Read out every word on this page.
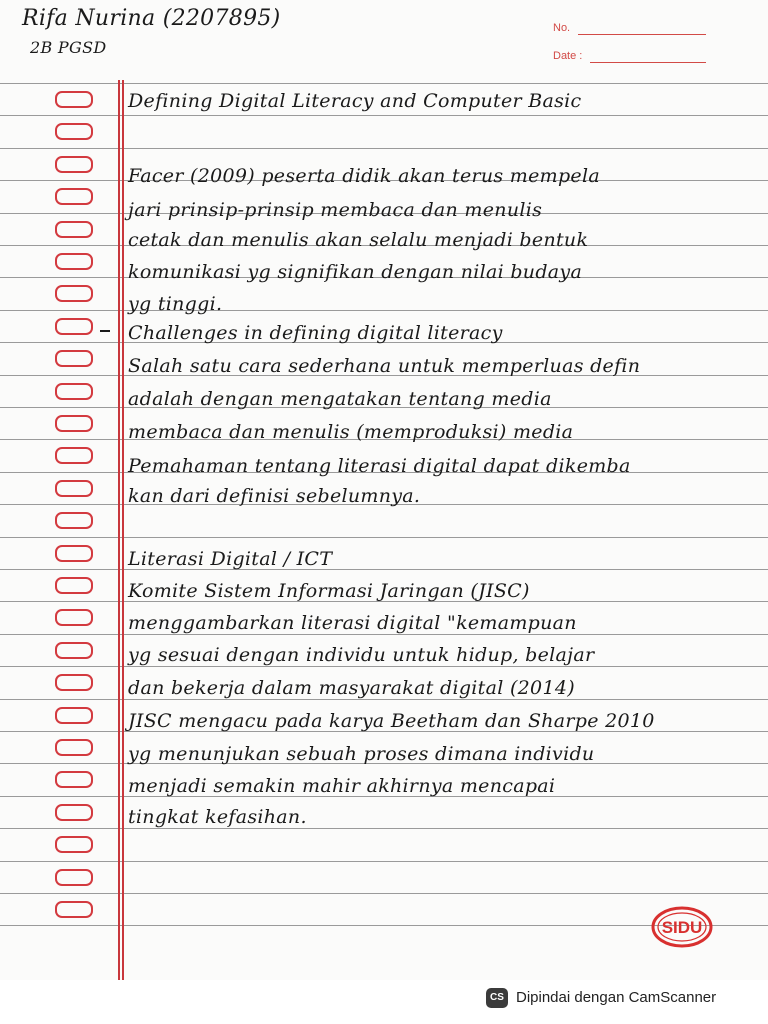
Rifa Nurina (2207895)
2B PGSD
No.
Date :
Defining Digital Literacy and Computer Basic
Facer (2009) peserta didik akan terus mempela
jari prinsip-prinsip membaca dan menulis
cetak dan menulis akan selalu menjadi bentuk
komunikasi yg signifikan dengan nilai budaya
yg tinggi.
Challenges in defining digital literacy
Salah satu cara sederhana untuk memperluas defin
adalah dengan mengatakan tentang media
membaca dan menulis (memproduksi) media
Pemahaman tentang literasi digital dapat dikemba
kan dari definisi sebelumnya.
Literasi Digital / ICT
Komite Sistem Informasi Jaringan (JISC)
menggambarkan literasi digital "kemampuan
yg sesuai dengan individu untuk hidup, belajar
dan bekerja dalam masyarakat digital (2014)
JISC mengacu pada karya Beetham dan Sharpe 2010
yg menunjukan sebuah proses dimana individu
menjadi semakin mahir akhirnya mencapai
tingkat kefasihan.
SIDU
CS Dipindai dengan CamScanner
